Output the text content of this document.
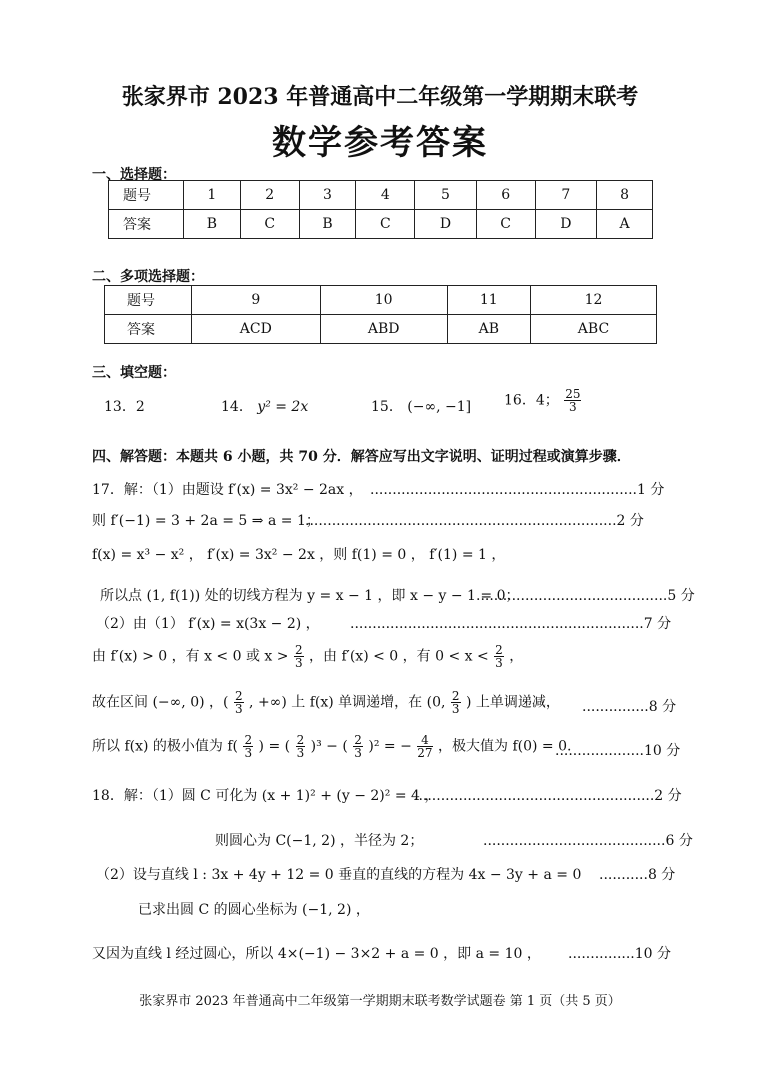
张家界市 2023 年普通高中二年级第一学期期末联考
数学参考答案
一、选择题：
题号	1	2	3	4	5	6	7	8
答案	B	C	B	C	D	C	D	A
二、多项选择题：
题号	9	10	11	12
答案	ACD	ABD	AB	ABC
三、填空题：
13．2	14． y² = 2x	15． (−∞, −1] 16．4； $\frac{25}{3}$
四、解答题：本题共 6 小题，共 70 分．解答应写出文字说明、证明过程或演算步骤．
17．解：（1）由题设 f′(x) = 3x² − 2ax ， ............................................................1 分
则 f′(−1) = 3 + 2a = 5 ⇒ a = 1；
......................................................................2 分
f(x) = x³ − x² ， f′(x) = 3x² − 2x ，则 f(1) = 0 ， f′(1) = 1 ，
所以点 (1, f(1)) 处的切线方程为 y = x − 1 ，即 x − y − 1 = 0；
...........................................5 分
（2）由（1） f′(x) = x(3x − 2) ， ..................................................................7 分
由 f′(x) > 0 ，有 x < 0 或 $x > \frac{2}{3}$ ，由 f′(x) < 0 ，有 $0 < x < \frac{2}{3}$ ，
故在区间 (−∞, 0) ，( $\frac{2}{3}$ , +∞) 上 f(x) 单调递增，在 (0, $\frac{2}{3}$ ) 上单调递减， ...............8 分
所以 f(x) 的极小值为 $f( \frac{2}{3}$ ) = ( $\frac{2}{3} )^3$ − ( $\frac{2}{3} )^2$ = − $\frac{4}{27}$ ，极大值为 f(0) = 0.
....................10 分
18．解：（1）圆 C 可化为 (x + 1)² + (y − 2)² = 4 ，
......................................................2 分
则圆心为 C(−1, 2) ，半径为 2；	.........................................6 分
（2）设与直线 l : 3x + 4y + 12 = 0 垂直的直线的方程为 4x − 3y + a = 0 ...........8 分
已求出圆 C 的圆心坐标为 (−1, 2) ，
又因为直线 l 经过圆心，所以 4×(−1) − 3×2 + a = 0 ，即 a = 10 ， ...............10 分
张家界市 2023 年普通高中二年级第一学期期末联考数学试题卷 第 1 页（共 5 页）
